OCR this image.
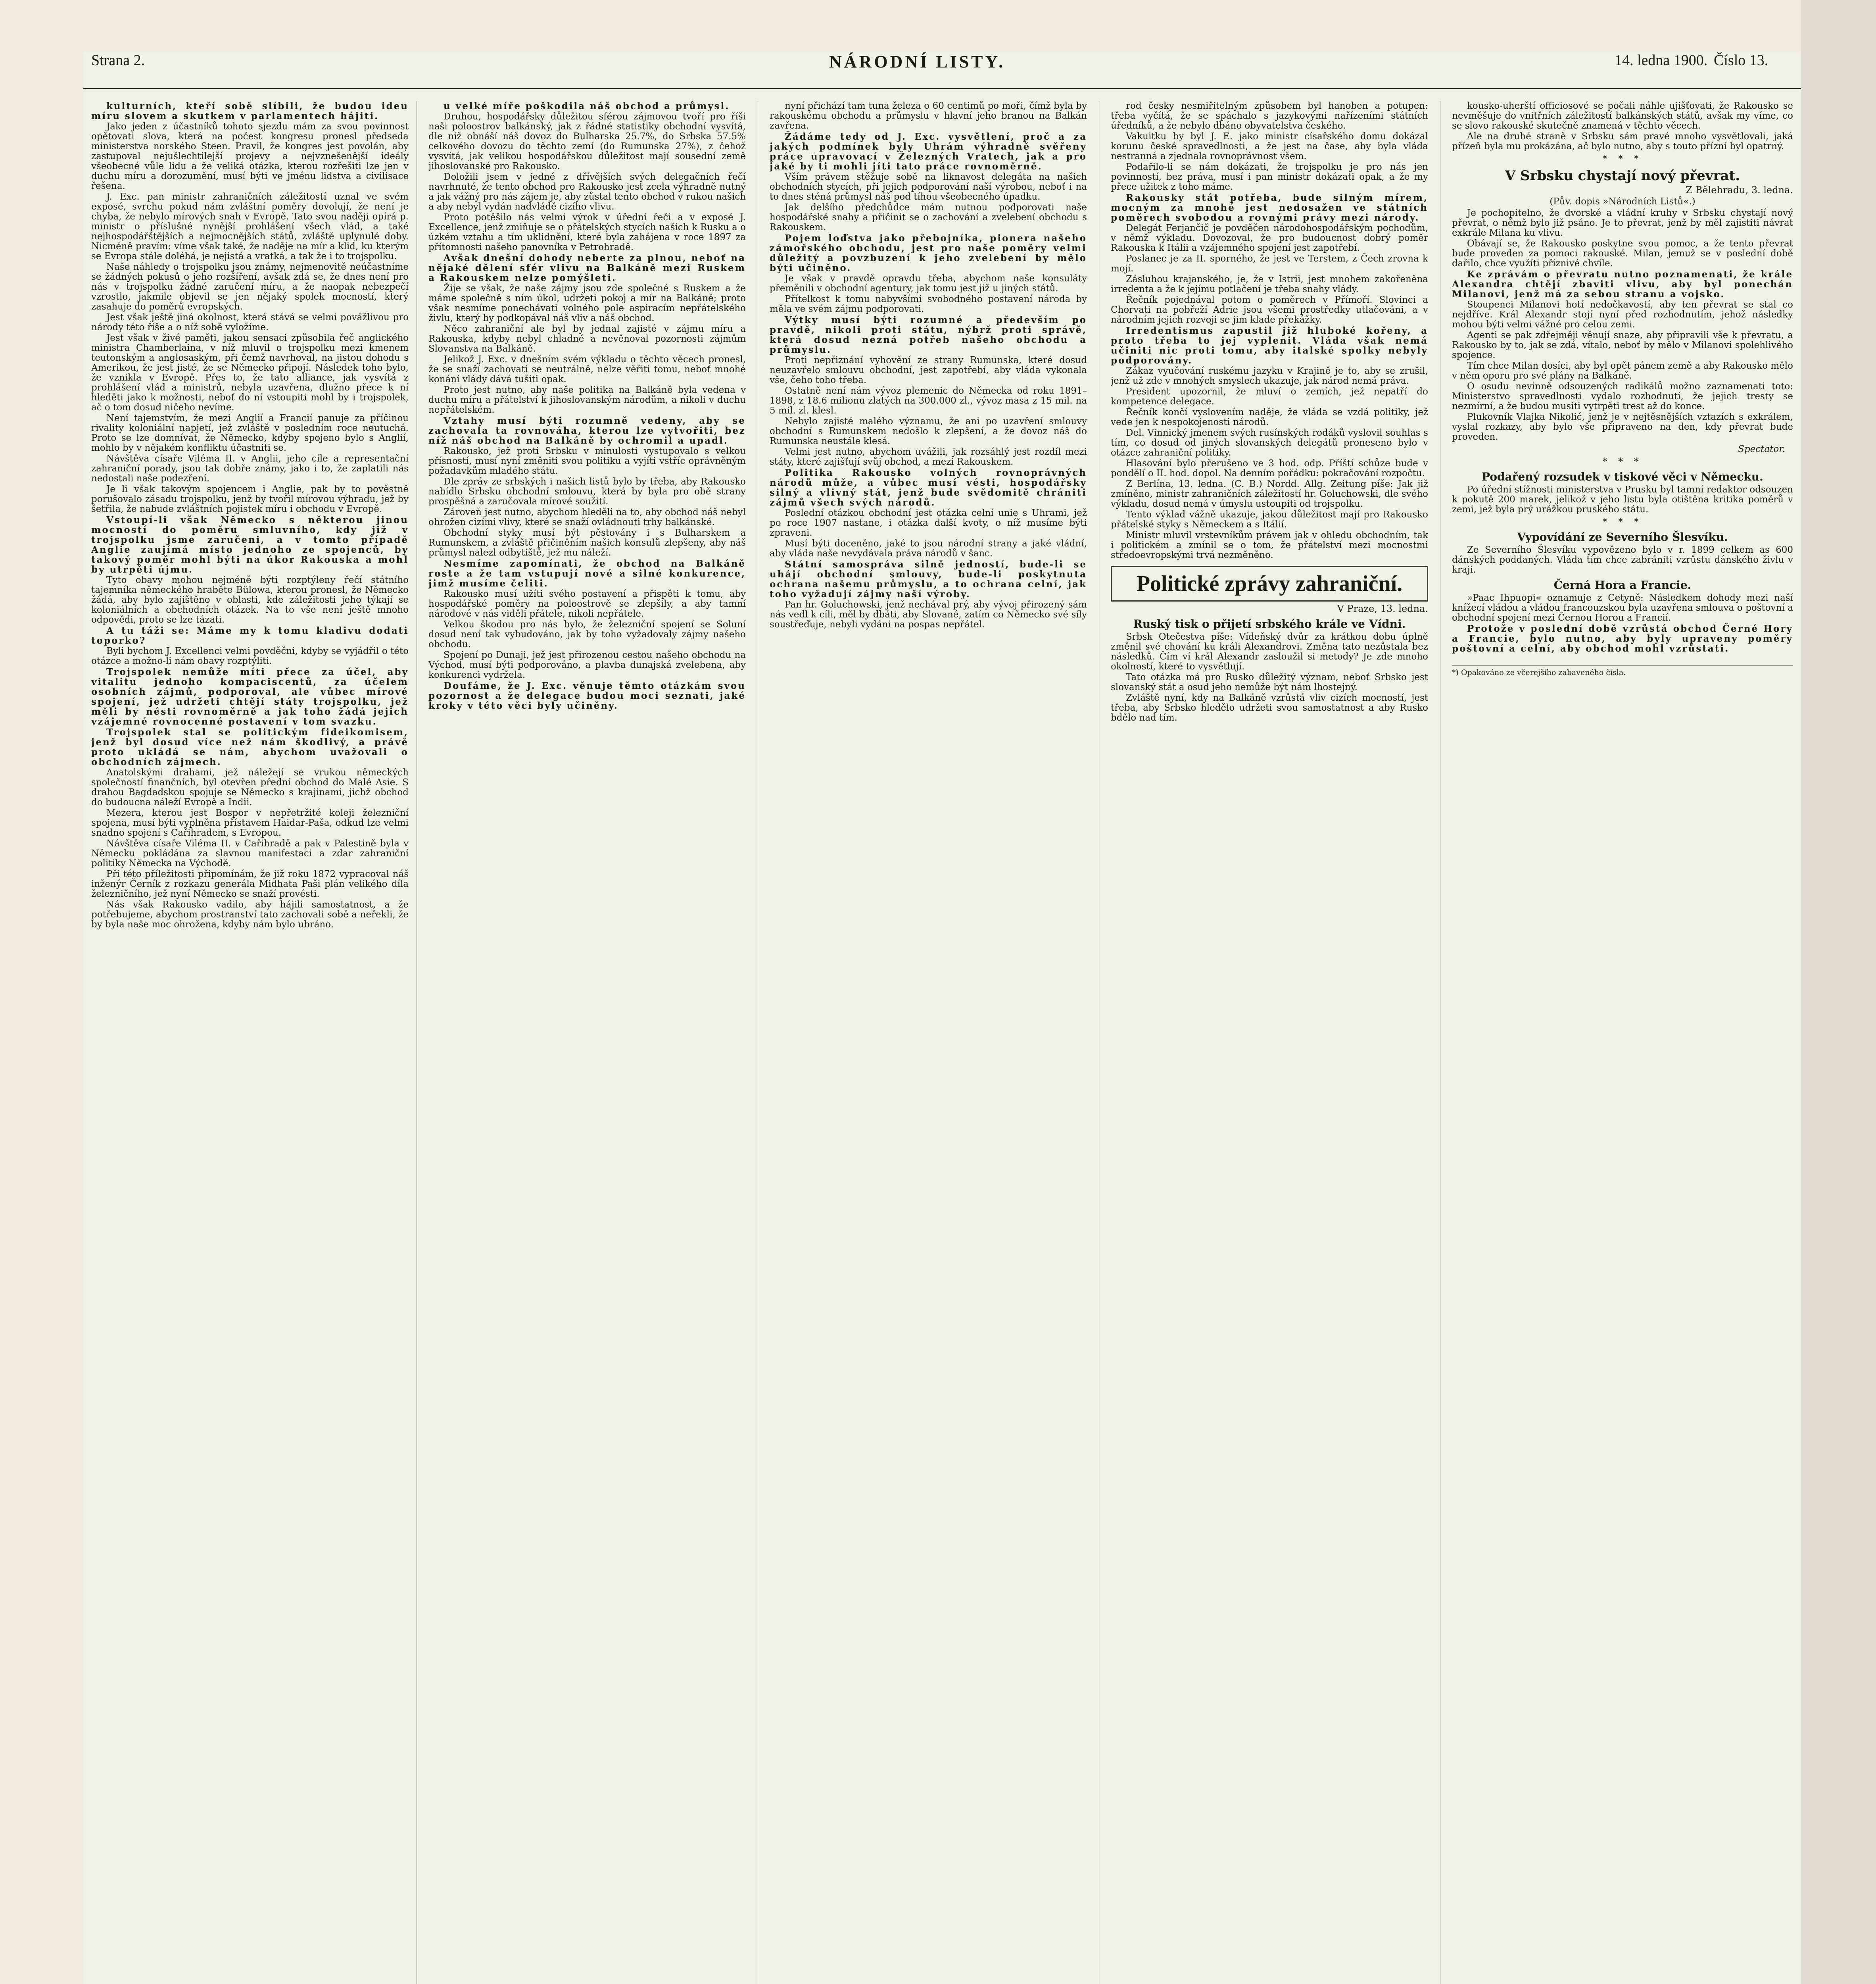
Strana 2.	NÁRODNÍ LISTY.	14. ledna 1900. Číslo 13.

kulturních, kteří sobě slíbili, že budou ideu míru slovem a skutkem v parlamentech hájiti.

Jako jeden z účastníků tohoto sjezdu mám za svou povinnost opětovati slova, která na počest kongresu pronesl předseda ministerstva norského Steen. Pravil, že kongres jest povolán, aby zastupoval nejušlechtilejší projevy a nejvznešenější ideály všeobecné vůle lidu a že veliká otázka, kterou rozřešiti lze jen v duchu míru a dorozumění, musí býti ve jménu lidstva a civilisace řešena.

J. Exc. pan ministr zahraničních záležitostí uznal ve svém exposé, svrchu pokud nám zvláštní poměry dovolují, že není je chyba, že nebylo mírových snah v Evropě. Tato svou naději opírá p. ministr o příslušné nynější prohlášení všech vlád, a také nejhospodářštějších a nejmocnějších států, zvláště uplynulé doby. Nicméně pravím: víme však také, že naděje na mír a klid, ku kterým se Evropa stále doléhá, je nejistá a vratká, a tak že i to trojspolku.

Naše náhledy o trojspolku jsou známy, nejmenovitě neúčastníme se žádných pokusů o jeho rozšíření, avšak zdá se, že dnes není pro nás v trojspolku žádné zaručení míru, a že naopak nebezpečí vzrostlo, jakmile objevil se jen nějaký spolek mocností, který zasahuje do poměrů evropských.

Jest však ještě jiná okolnost, která stává se velmi povážlivou pro národy této říše a o níž sobě vyložíme.

Jest však v živé paměti, jakou sensaci způsobila řeč anglického ministra Chamberlaina, v níž mluvil o trojspolku mezi kmenem teutonským a anglosaským, při čemž navrhoval, na jistou dohodu s Amerikou, že jest jisté, že se Německo připojí. Následek toho bylo, že vznikla v Evropě. Přes to, že tato alliance, jak vysvítá z prohlášení vlád a ministrů, nebyla uzavřena, dlužno přece k ní hleděti jako k možnosti, neboť do ní vstoupiti mohl by i trojspolek, ač o tom dosud ničeho nevíme.

Není tajemstvím, že mezi Anglií a Francií panuje za příčinou rivality koloniální napjetí, jež zvláště v posledním roce neutuchá. Proto se lze domnívat, že Německo, kdyby spojeno bylo s Anglií, mohlo by v nějakém konfliktu účastniti se.

Návštěva císaře Viléma II. v Anglii, jeho cíle a representační zahraniční porady, jsou tak dobře známy, jako i to, že zaplatili nás nedostali naše podezření.

Je li však takovým spojencem i Anglie, pak by to pověstně porušovalo zásadu trojspolku, jenž by tvořil mírovou výhradu, jež by šetřila, že nabude zvláštních pojistek míru i obchodu v Evropě.

Vstoupí-li však Německo s některou jinou mocností do poměru smluvního, kdy již v trojspolku jsme zaručeni, a v tomto případě Anglie zaujímá místo jednoho ze spojenců, by takový poměr mohl býti na úkor Rakouska a mohl by utrpěti újmu.

Tyto obavy mohou nejméně býti rozptýleny řečí státního tajemníka německého hraběte Bülowa, kterou pronesl, že Německo žádá, aby bylo zajištěno v oblasti, kde záležitosti jeho týkají se koloniálních a obchodních otázek. Na to vše není ještě mnoho odpovědi, proto se lze tázati.

A tu táži se: Máme my k tomu kladivu dodati toporko?

Byli bychom J. Excellenci velmi povděčni, kdyby se vyjádřil o této otázce a možno-li nám obavy rozptýliti.

Trojspolek nemůže míti přece za účel, aby vitalitu jednoho kompaciscentů, za účelem osobních zájmů, podporoval, ale vůbec mírové spojení, jež udržeti chtějí státy trojspolku, jež měli by nésti rovnoměrně a jak toho žádá jejich vzájemné rovnocenné postavení v tom svazku.

Trojspolek stal se politickým fideikomisem, jenž byl dosud více než nám škodlivý, a právě proto ukládá se nám, abychom uvažovali o obchodních zájmech.

Anatolskými drahami, jež náležejí se vrukou německých společností finančních, byl otevřen přední obchod do Malé Asie. S drahou Bagdadskou spojuje se Německo s krajinami, jichž obchod do budoucna náleží Evropě a Indii.

Mezera, kterou jest Bospor v nepřetržité koleji železniční spojena, musí býti vyplněna přístavem Haidar-Paša, odkud lze velmi snadno spojení s Cařihradem, s Evropou.

Návštěva císaře Viléma II. v Cařihradě a pak v Palestině byla v Německu pokládána za slavnou manifestaci a zdar zahraniční politiky Německa na Východě.

Při této příležitosti připomínám, že již roku 1872 vypracoval náš inženýr Černík z rozkazu generála Midhata Paši plán velikého díla železničního, jež nyní Německo se snaží provésti.

Nás však Rakousko vadilo, aby hájili samostatnost, a že potřebujeme, abychom prostranství tato zachovali sobě a neřekli, že by byla naše moc ohrožena, kdyby nám bylo ubráno.

u velké míře poškodila náš obchod a průmysl.

Druhou, hospodářsky důležitou sférou zájmovou tvoří pro říši naši poloostrov balkánský, jak z řádné statistiky obchodní vysvítá, dle níž obnáší náš dovoz do Bulharska 25.7%, do Srbska 57.5% celkového dovozu do těchto zemí (do Rumunska 27%), z čehož vysvítá, jak velikou hospodářskou důležitost mají sousední země jihoslovanské pro Rakousko.

Doložili jsem v jedné z dřívějších svých delegačních řečí navrhnuté, že tento obchod pro Rakousko jest zcela výhradně nutný a jak vážný pro nás zájem je, aby zůstal tento obchod v rukou našich a aby nebyl vydán nadvládě cizího vlivu.

Proto potěšilo nás velmi výrok v úřední řeči a v exposé J. Excellence, jenž zmiňuje se o přátelských stycích našich k Rusku a o úzkém vztahu a tím uklidnění, které byla zahájena v roce 1897 za přítomnosti našeho panovníka v Petrohradě.

Avšak dnešní dohody neberte za plnou, neboť na nějaké dělení sfér vlivu na Balkáně mezi Ruskem a Rakouskem nelze pomýšleti.

Žije se však, že naše zájmy jsou zde společné s Ruskem a že máme společně s ním úkol, udržeti pokoj a mír na Balkáně; proto však nesmíme ponechávati volného pole aspiracím nepřátelského živlu, který by podkopával náš vliv a náš obchod.

Něco zahraniční ale byl by jednal zajisté v zájmu míru a Rakouska, kdyby nebyl chladné a nevěnoval pozornosti zájmům Slovanstva na Balkáně.

Jelikož J. Exc. v dnešním svém výkladu o těchto věcech pronesl, že se snaží zachovati se neutrálně, nelze věřiti tomu, neboť mnohé konání vlády dává tušiti opak.

Proto jest nutno, aby naše politika na Balkáně byla vedena v duchu míru a přátelství k jihoslovanským národům, a nikoli v duchu nepřátelském.

Vztahy musí býti rozumně vedeny, aby se zachovala ta rovnováha, kterou lze vytvořiti, bez níž náš obchod na Balkáně by ochromil a upadl.

Rakousko, jež proti Srbsku v minulosti vystupovalo s velkou přísností, musí nyní změniti svou politiku a vyjíti vstříc oprávněným požadavkům mladého státu.

Dle zpráv ze srbských i našich listů bylo by třeba, aby Rakousko nabídlo Srbsku obchodní smlouvu, která by byla pro obě strany prospěšná a zaručovala mírové soužití.

Zároveň jest nutno, abychom hleděli na to, aby obchod náš nebyl ohrožen cizími vlivy, které se snaží ovládnouti trhy balkánské.

Obchodní styky musí být pěstovány i s Bulharskem a Rumunskem, a zvláště přičiněním našich konsulů zlepšeny, aby náš průmysl nalezl odbytiště, jež mu náleží.

Nesmíme zapomínati, že obchod na Balkáně roste a že tam vstupují nové a silné konkurence, jimž musíme čeliti.

Rakousko musí užíti svého postavení a přispěti k tomu, aby hospodářské poměry na poloostrově se zlepšily, a aby tamní národové v nás viděli přátele, nikoli nepřátele.

Velkou škodou pro nás bylo, že železniční spojení se Soluní dosud není tak vybudováno, jak by toho vyžadovaly zájmy našeho obchodu.

Spojení po Dunaji, jež jest přirozenou cestou našeho obchodu na Východ, musí býti podporováno, a plavba dunajská zvelebena, aby konkurenci vydržela.

Doufáme, že J. Exc. věnuje těmto otázkám svou pozornost a že delegace budou moci seznati, jaké kroky v této věci byly učiněny.

nyní přichází tam tuna železa o 60 centimů po moři, čímž byla by rakouskému obchodu a průmyslu v hlavní jeho branou na Balkán zavřena.

Žádáme tedy od J. Exc. vysvětlení, proč a za jakých podmínek byly Uhrám výhradně svěřeny práce upravovací v Železných Vratech, jak a pro jaké by ti mohli jíti tato práce rovnoměrně.

Vším právem stěžuje sobě na liknavost delegáta na našich obchodních stycích, při jejich podporování naší výrobou, neboť i na to dnes sténá průmysl náš pod tíhou všeobecného úpadku.

Jak delšího předchůdce mám nutnou podporovati naše hospodářské snahy a přičinit se o zachování a zvelebení obchodu s Rakouskem.

Pojem loďstva jako přebojníka, pionera našeho zámořského obchodu, jest pro naše poměry velmi důležitý a povzbuzení k jeho zvelebení by mělo býti učiněno.

Je však v pravdě opravdu třeba, abychom naše konsuláty přeměnili v obchodní agentury, jak tomu jest již u jiných států.

Přítelkost k tomu nabyvšími svobodného postavení národa by měla ve svém zájmu podporovati.

Výtky musí býti rozumné a především po pravdě, nikoli proti státu, nýbrž proti správě, která dosud nezná potřeb našeho obchodu a průmyslu.

Proti nepřiznání vyhovění ze strany Rumunska, které dosud neuzavřelo smlouvu obchodní, jest zapotřebí, aby vláda vykonala vše, čeho toho třeba.

Ostatně není nám vývoz plemenic do Německa od roku 1891–1898, z 18.6 milionu zlatých na 300.000 zl., vývoz masa z 15 mil. na 5 mil. zl. klesl.

Nebylo zajisté malého významu, že ani po uzavření smlouvy obchodní s Rumunskem nedošlo k zlepšení, a že dovoz náš do Rumunska neustále klesá.

Velmi jest nutno, abychom uvážili, jak rozsáhlý jest rozdíl mezi státy, které zajišťují svůj obchod, a mezi Rakouskem.

Politika Rakousko volných rovnoprávných národů může, a vůbec musí vésti, hospodářsky silný a vlivný stát, jenž bude svědomitě chrániti zájmů všech svých národů.

Poslední otázkou obchodní jest otázka celní unie s Uhrami, jež po roce 1907 nastane, i otázka další kvoty, o níž musíme býti zpraveni.

Musí býti doceněno, jaké to jsou národní strany a jaké vládní, aby vláda naše nevydávala práva národů v šanc.

Státní samospráva silně jedností, bude-li se uhájí obchodní smlouvy, bude-li poskytnuta ochrana našemu průmyslu, a to ochrana celní, jak toho vyžadují zájmy naší výroby.

Pan hr. Goluchowski, jenž nechával prý, aby vývoj přirozený sám nás vedl k cíli, měl by dbáti, aby Slované, zatím co Německo své síly soustřeďuje, nebyli vydáni na pospas nepřátel.

rod česky nesmiřitelným způsobem byl hanoben a potupen: třeba vyčítá, že se spáchalo s jazykovými nařízeními státních úředníků, a že nebylo dbáno obyvatelstva českého.

Vakuitku by byl J. E. jako ministr císařského domu dokázal korunu české spravedlnosti, a že jest na čase, aby byla vláda nestranná a zjednala rovnoprávnost všem.

Podařilo-li se nám dokázati, že trojspolku je pro nás jen povinností, bez práva, musí i pan ministr dokázati opak, a že my přece užitek z toho máme.

Rakousky stát potřeba, bude silným mírem, mocným za mnohé jest nedosažen ve státních poměrech svobodou a rovnými právy mezi národy.

Delegát Ferjančič je povděčen národohospodářským pochodům, v němž výkladu. Dovozoval, že pro budoucnost dobrý poměr Rakouska k Itálii a vzájemného spojení jest zapotřebí.

Poslanec je za II. sporného, že jest ve Terstem, z Čech zrovna k mojí.

Zásluhou krajanského, je, že v Istrii, jest mnohem zakořeněna irredenta a že k jejímu potlačení je třeba snahy vlády.

Řečník pojednával potom o poměrech v Přímoří. Slovinci a Chorvati na pobřeží Adrie jsou všemi prostředky utlačováni, a v národním jejich rozvoji se jim klade překážky.

Irredentismus zapustil již hluboké kořeny, a proto třeba to jej vyplenit. Vláda však nemá učiniti nic proti tomu, aby italské spolky nebyly podporovány.

Zákaz vyučování ruskému jazyku v Krajině je to, aby se zrušil, jenž už zde v mnohých smyslech ukazuje, jak národ nemá práva.

President upozornil, že mluví o zemích, jež nepatří do kompetence delegace.

Řečník končí vyslovením naděje, že vláda se vzdá politiky, jež vede jen k nespokojenosti národů.

Del. Vinnický jmenem svých rusínských rodáků vyslovil souhlas s tím, co dosud od jiných slovanských delegátů proneseno bylo v otázce zahraniční politiky.

Hlasování bylo přerušeno ve 3 hod. odp. Příští schůze bude v pondělí o II. hod. dopol. Na denním pořádku: pokračování rozpočtu.

Z Berlína, 13. ledna. (C. B.) Nordd. Allg. Zeitung píše: Jak již zmíněno, ministr zahraničních záležitostí hr. Goluchowski, dle svého výkladu, dosud nemá v úmyslu ustoupiti od trojspolku.

Tento výklad vážně ukazuje, jakou důležitost mají pro Rakousko přátelské styky s Německem a s Itálií.

Ministr mluvil vrstevníkům právem jak v ohledu obchodním, tak i politickém a zmínil se o tom, že přátelství mezi mocnostmi středoevropskými trvá nezměněno.

Politické zprávy zahraniční.
V Praze, 13. ledna.
Ruský tisk o přijetí srbského krále ve Vídni.

Srbsk Otečestva píše: Vídeňský dvůr za krátkou dobu úplně změnil své chování ku králi Alexandrovi. Změna tato nezůstala bez následků. Čím ví král Alexandr zasloužil si metody? Je zde mnoho okolností, které to vysvětlují.

Tato otázka má pro Rusko důležitý význam, neboť Srbsko jest slovanský stát a osud jeho nemůže být nám lhostejný.

Zvláště nyní, kdy na Balkáně vzrůstá vliv cizích mocností, jest třeba, aby Srbsko hledělo udržeti svou samostatnost a aby Rusko bdělo nad tím.

kousko-uherští officiosové se počali náhle ujišťovati, že Rakousko se nevměšuje do vnitřních záležitostí balkánských států, avšak my víme, co se slovo rakouské skutečně znamená v těchto věcech.

Ale na druhé straně v Srbsku sám pravé mnoho vysvětlovali, jaká přízeň byla mu prokázána, ač bylo nutno, aby s touto přízní byl opatrný.

* * *
V Srbsku chystají nový převrat.
Z Bělehradu, 3. ledna.
(Pův. dopis »Národních Listů«.)

Je pochopitelno, že dvorské a vládní kruhy v Srbsku chystají nový převrat, o němž bylo již psáno. Je to převrat, jenž by měl zajistiti návrat exkrále Milana ku vlivu.

Obávají se, že Rakousko poskytne svou pomoc, a že tento převrat bude proveden za pomoci rakouské. Milan, jemuž se v poslední době dařilo, chce využíti příznivé chvíle.

Ke zprávám o převratu nutno poznamenati, že krále Alexandra chtějí zbaviti vlivu, aby byl ponechán Milanovi, jenž má za sebou stranu a vojsko.

Stoupenci Milanovi hotí nedočkavostí, aby ten převrat se stal co nejdříve. Král Alexandr stojí nyní před rozhodnutím, jehož následky mohou býti velmi vážné pro celou zemi.

Agenti se pak zdřejměji věnují snaze, aby připravili vše k převratu, a Rakousko by to, jak se zdá, vítalo, neboť by mělo v Milanovi spolehlivého spojence.

Tím chce Milan dosíci, aby byl opět pánem země a aby Rakousko mělo v něm oporu pro své plány na Balkáně.

O osudu nevinně odsouzených radikálů možno zaznamenati toto: Ministerstvo spravedlnosti vydalo rozhodnutí, že jejich tresty se nezmírní, a že budou musiti vytrpěti trest až do konce.

Plukovník Vlajka Nikolić, jenž je v nejtěsnějších vztazích s exkrálem, vyslal rozkazy, aby bylo vše připraveno na den, kdy převrat bude proveden.

Spectator.
* * *
Podařený rozsudek v tiskové věci v Německu.

Po úřední stížnosti ministerstva v Prusku byl tamní redaktor odsouzen k pokutě 200 marek, jelikož v jeho listu byla otištěna kritika poměrů v zemi, jež byla prý urážkou pruského státu.

* * *
Vypovídání ze Severního Šlesvíku.

Ze Severního Šlesvíku vypovězeno bylo v r. 1899 celkem as 600 dánských poddaných. Vláda tím chce zabrániti vzrůstu dánského živlu v kraji.

Černá Hora a Francie.

»Paac Ihpuopi« oznamuje z Cetyně: Následkem dohody mezi naší knížecí vládou a vládou francouzskou byla uzavřena smlouva o poštovní a obchodní spojení mezi Černou Horou a Francií.

Protože v poslední době vzrůstá obchod Černé Hory a Francie, bylo nutno, aby byly upraveny poměry poštovní a celní, aby obchod mohl vzrůstati.

*) Opakováno ze včerejšího zabaveného čísla.
